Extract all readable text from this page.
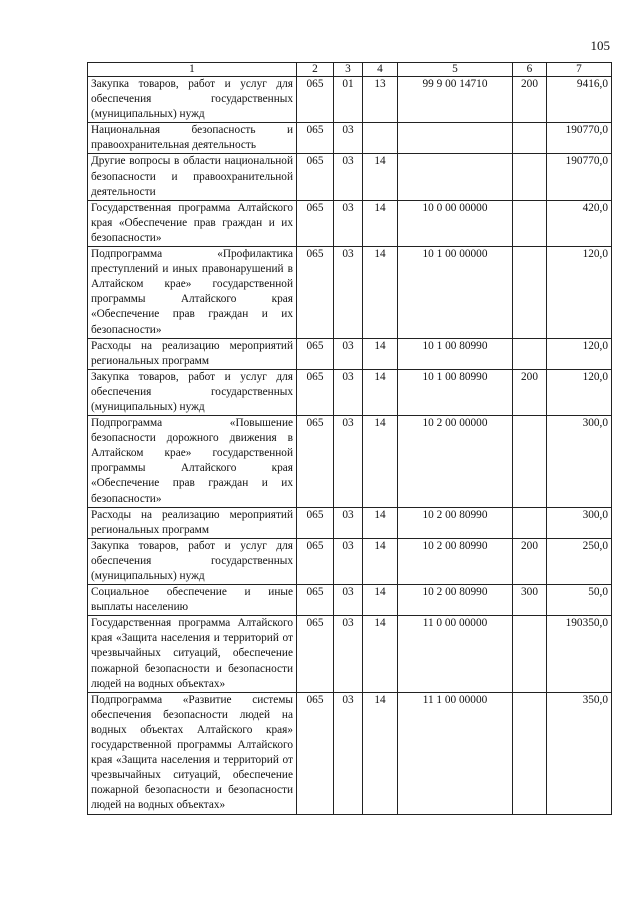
105
1	2	3	4	5	6	7
Закупка товаров, работ и услуг для обеспечения государственных (муниципальных) нужд	065	01	13	99 9 00 14710	200	9416,0
Национальная безопасность и правоохранительная деятельность	065	03				190770,0
Другие вопросы в области национальной безопасности и правоохранительной деятельности	065	03	14			190770,0
Государственная программа Алтайского края «Обеспечение прав граждан и их безопасности»	065	03	14	10 0 00 00000		420,0
Подпрограмма «Профилактика преступлений и иных правонарушений в Алтайском крае» государственной программы Алтайского края «Обеспечение прав граждан и их безопасности»	065	03	14	10 1 00 00000		120,0
Расходы на реализацию мероприятий региональных программ	065	03	14	10 1 00 80990		120,0
Закупка товаров, работ и услуг для обеспечения государственных (муниципальных) нужд	065	03	14	10 1 00 80990	200	120,0
Подпрограмма «Повышение безопасности дорожного движения в Алтайском крае» государственной программы Алтайского края «Обеспечение прав граждан и их безопасности»	065	03	14	10 2 00 00000		300,0
Расходы на реализацию мероприятий региональных программ	065	03	14	10 2 00 80990		300,0
Закупка товаров, работ и услуг для обеспечения государственных (муниципальных) нужд	065	03	14	10 2 00 80990	200	250,0
Социальное обеспечение и иные выплаты населению	065	03	14	10 2 00 80990	300	50,0
Государственная программа Алтайского края «Защита населения и территорий от чрезвычайных ситуаций, обеспечение пожарной безопасности и безопасности людей на водных объектах»	065	03	14	11 0 00 00000		190350,0
Подпрограмма «Развитие системы обеспечения безопасности людей на водных объектах Алтайского края» государственной программы Алтайского края «Защита населения и территорий от чрезвычайных ситуаций, обеспечение пожарной безопасности и безопасности людей на водных объектах»	065	03	14	11 1 00 00000		350,0
